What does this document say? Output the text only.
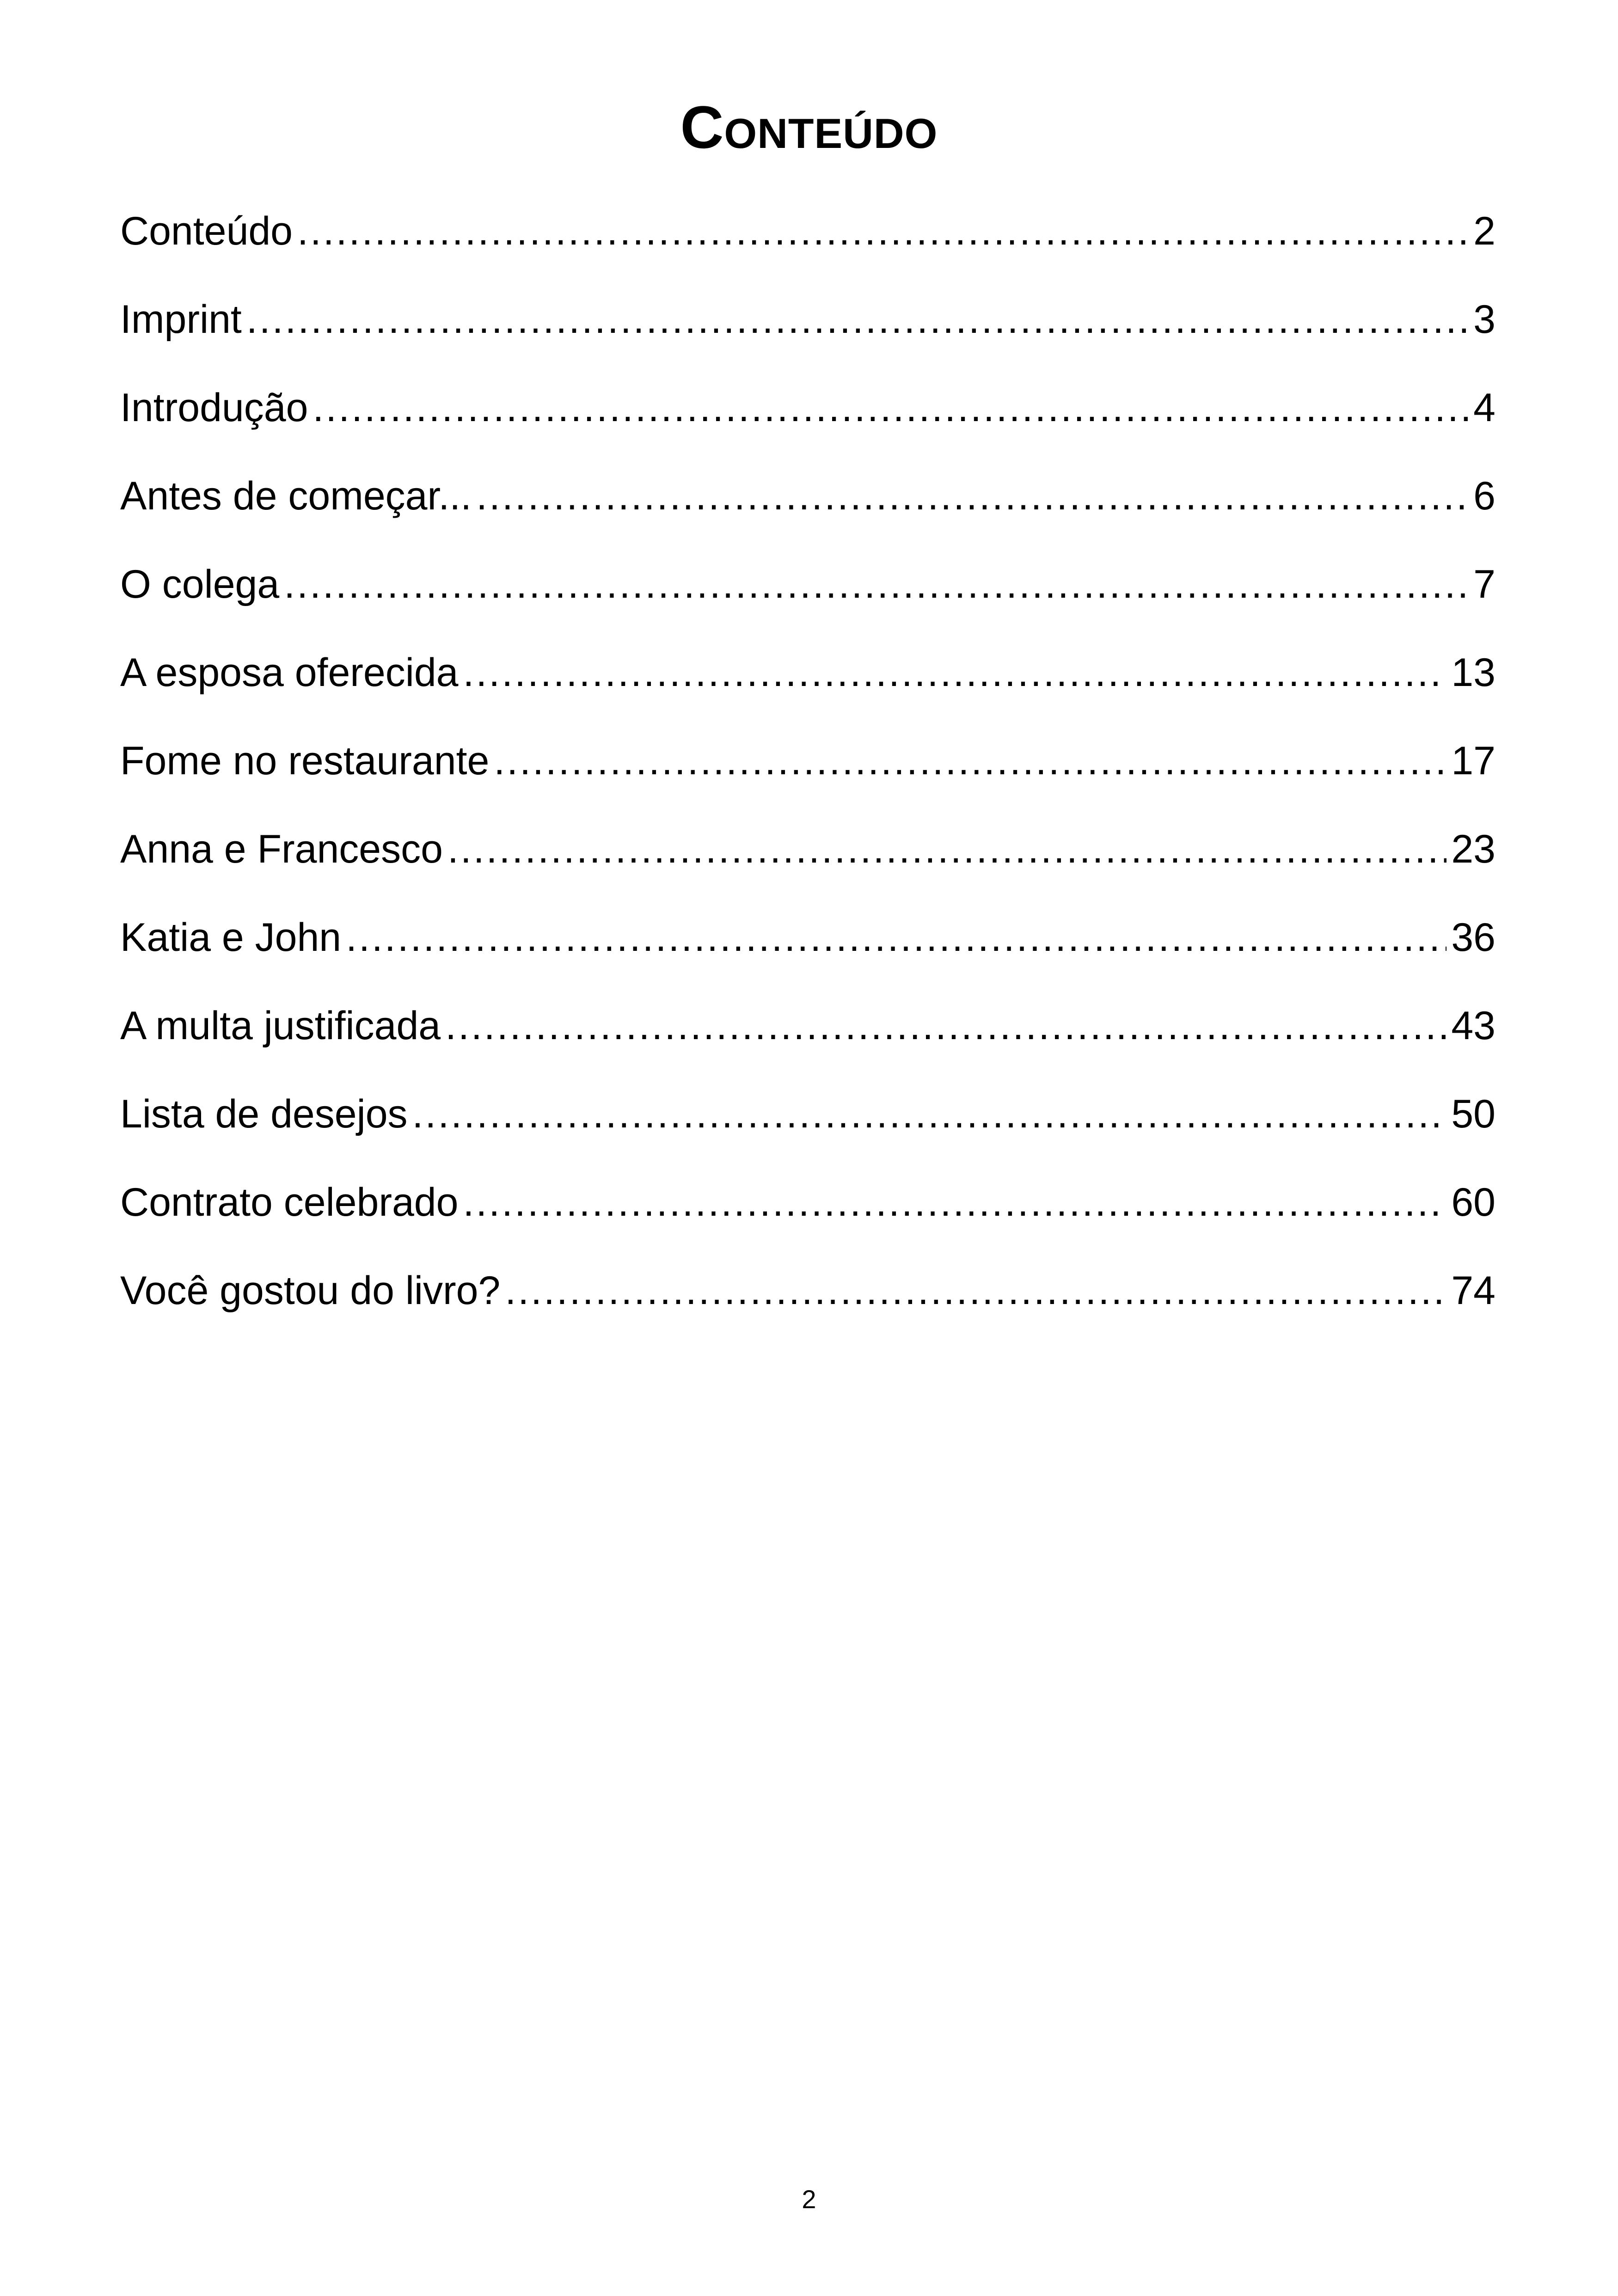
Conteúdo
Conteúdo .....	2
Imprint .....	3
Introdução .....	4
Antes de começar... .....	6
O colega .....	7
A esposa oferecida .....	13
Fome no restaurante .....	17
Anna e Francesco .....	23
Katia e John .....	36
A multa justificada .....	43
Lista de desejos .....	50
Contrato celebrado .....	60
Você gostou do livro? .....	74
2
